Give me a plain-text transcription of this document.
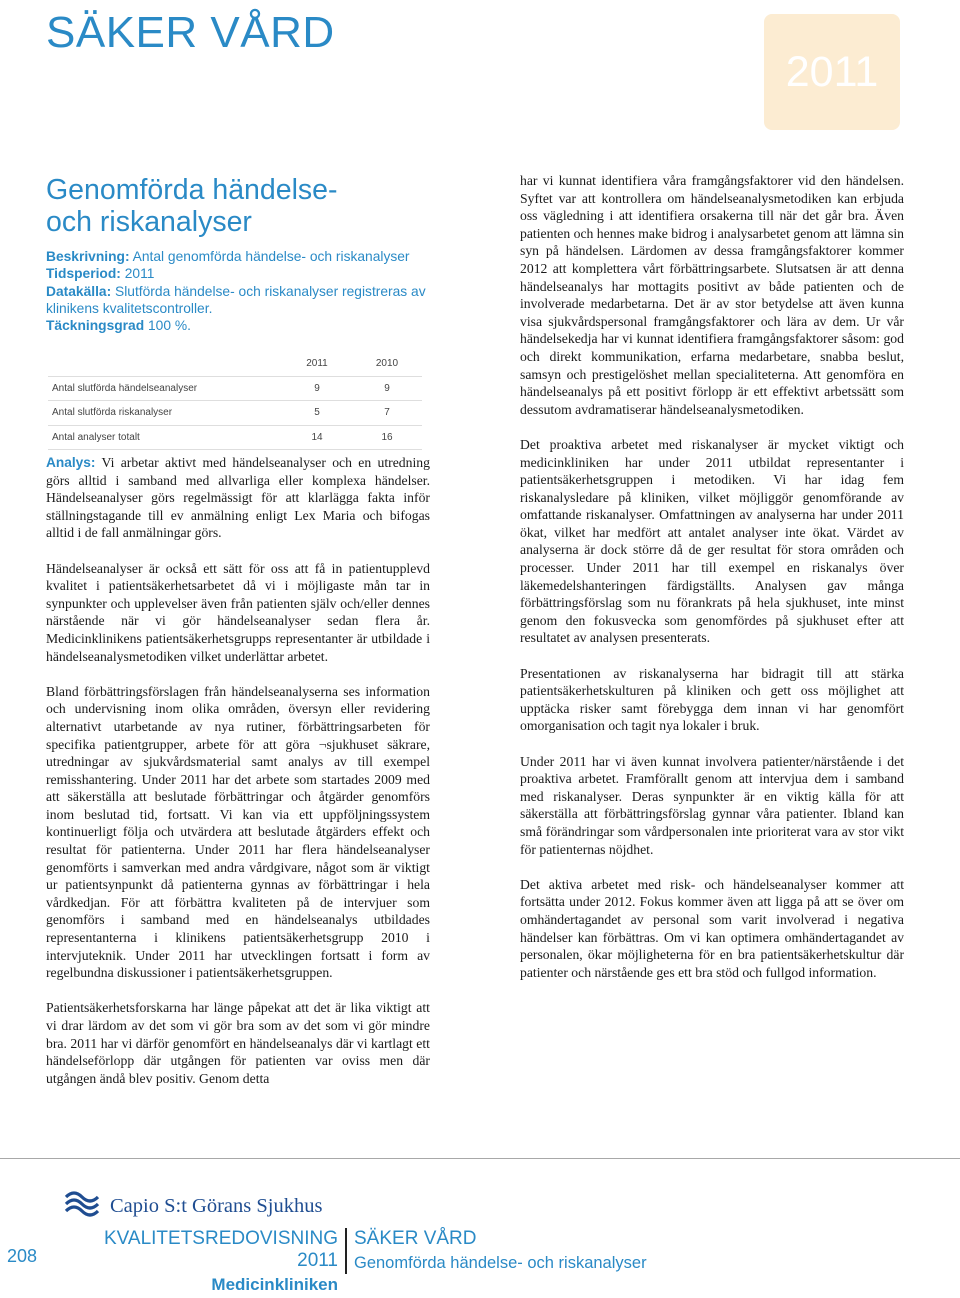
SÄKER VÅRD
2011
Genomförda händelse-
och riskanalyser
Beskrivning: Antal genomförda händelse- och riskanalyser
Tidsperiod: 2011
Datakälla: Slutförda händelse- och riskanalyser registreras av klinikens kvalitetscontroller.
Täckningsgrad 100 %.
	2011	2010
Antal slutförda händelseanalyser	9	9
Antal slutförda riskanalyser	5	7
Antal analyser totalt	14	16

Analys: Vi arbetar aktivt med händelseanalyser och en utredning görs alltid i samband med allvarliga eller komplexa händelser. Händelseanalyser görs regelmässigt för att klarlägga fakta inför ställningstagande till ev anmälning enligt Lex Maria och bifogas alltid i de fall anmälningar görs.

Händelseanalyser är också ett sätt för oss att få in patientupplevd kvalitet i patientsäkerhetsarbetet då vi i möjligaste mån tar in synpunkter och upplevelser även från patienten själv och/eller dennes närstående när vi gör händelseanalyser sedan flera år. Medicinklinikens patientsäkerhetsgrupps representanter är utbildade i händelseanalysmetodiken vilket underlättar arbetet.

Bland förbättringsförslagen från händelseanalyserna ses information och undervisning inom olika områden, översyn eller revidering alternativt utarbetande av nya rutiner, förbättringsarbeten för specifika patientgrupper, arbete för att göra ¬sjukhuset säkrare, utredningar av sjukvårdsmaterial samt analys av till exempel remisshantering. Under 2011 har det arbete som startades 2009 med att säkerställa att beslutade förbättringar och åtgärder genomförs inom beslutad tid, fortsatt. Vi kan via ett uppföljningssystem kontinuerligt följa och utvärdera att beslutade åtgärders effekt och resultat för patienterna. Under 2011 har flera händelseanalyser genomförts i samverkan med andra vårdgivare, något som är viktigt ur patientsynpunkt då patienterna gynnas av förbättringar i hela vårdkedjan. För att förbättra kvaliteten på de intervjuer som genomförs i samband med en händelseanalys utbildades representanterna i klinikens patientsäkerhetsgrupp 2010 i intervjuteknik. Under 2011 har utvecklingen fortsatt i form av regelbundna diskussioner i patientsäkerhetsgruppen.

Patientsäkerhetsforskarna har länge påpekat att det är lika viktigt att vi drar lärdom av det som vi gör bra som av det som vi gör mindre bra. 2011 har vi därför genomfört en händelseanalys där vi kartlagt ett händelseförlopp där utgången för patienten var oviss men där utgången ändå blev positiv. Genom detta

har vi kunnat identifiera våra framgångsfaktorer vid den händelsen. Syftet var att kontrollera om händelseanalysmetodiken kan erbjuda oss vägledning i att identifiera orsakerna till när det går bra. Även patienten och hennes make bidrog i analysarbetet genom att lämna sin syn på händelsen. Lärdomen av dessa framgångsfaktorer kommer 2012 att komplettera vårt förbättringsarbete. Slutsatsen är att denna händelseanalys har mottagits positivt av både patienten och de involverade medarbetarna. Det är av stor betydelse att även kunna visa sjukvårdspersonal framgångsfaktorer och lära av dem. Ur vår händelsekedja har vi kunnat identifiera framgångsfaktorer såsom: god och direkt kommunikation, erfarna medarbetare, snabba beslut, samsyn och prestigelöshet mellan specialiteterna. Att genomföra en händelseanalys på ett positivt förlopp är ett effektivt arbetssätt som dessutom avdramatiserar händelseanalysmetodiken.

Det proaktiva arbetet med riskanalyser är mycket viktigt och medicinkliniken har under 2011 utbildat representanter i patientsäkerhetsgruppen i metodiken. Vi har idag fem riskanalysledare på kliniken, vilket möjliggör genomförande av omfattande riskanalyser. Omfattningen av analyserna har under 2011 ökat, vilket har medfört att antalet analyser inte ökat. Värdet av analyserna är dock större då de ger resultat för stora områden och processer. Under 2011 har till exempel en riskanalys över läkemedelshanteringen färdigställts. Analysen gav många förbättringsförslag som nu förankrats på hela sjukhuset, inte minst genom den fokusvecka som genomfördes på sjukhuset efter att resultatet av analysen presenterats.

Presentationen av riskanalyserna har bidragit till att stärka patientsäkerhetskulturen på kliniken och gett oss möjlighet att upptäcka risker samt förebygga dem innan vi har genomfört omorganisation och tagit nya lokaler i bruk.

Under 2011 har vi även kunnat involvera patienter/närstående i det proaktiva arbetet. Framförallt genom att intervjua dem i samband med riskanalyser. Deras synpunkter är en viktig källa för att säkerställa att förbättringsförslag gynnar våra patienter. Ibland kan små förändringar som vårdpersonalen inte prioriterat vara av stor vikt för patienternas nöjdhet.

Det aktiva arbetet med risk- och händelseanalyser kommer att fortsätta under 2012. Fokus kommer även att ligga på att se över om omhändertagandet av personal som varit involverad i negativa händelser kan förbättras. Om vi kan optimera omhändertagandet av personalen, ökar möjligheterna för en bra patientsäkerhetskultur där patienter och närstående ges ett bra stöd och fullgod information.

Capio S:t Görans Sjukhus
208
KVALITETSREDOVISNING 2011
Medicinkliniken
SÄKER VÅRD
Genomförda händelse- och riskanalyser
